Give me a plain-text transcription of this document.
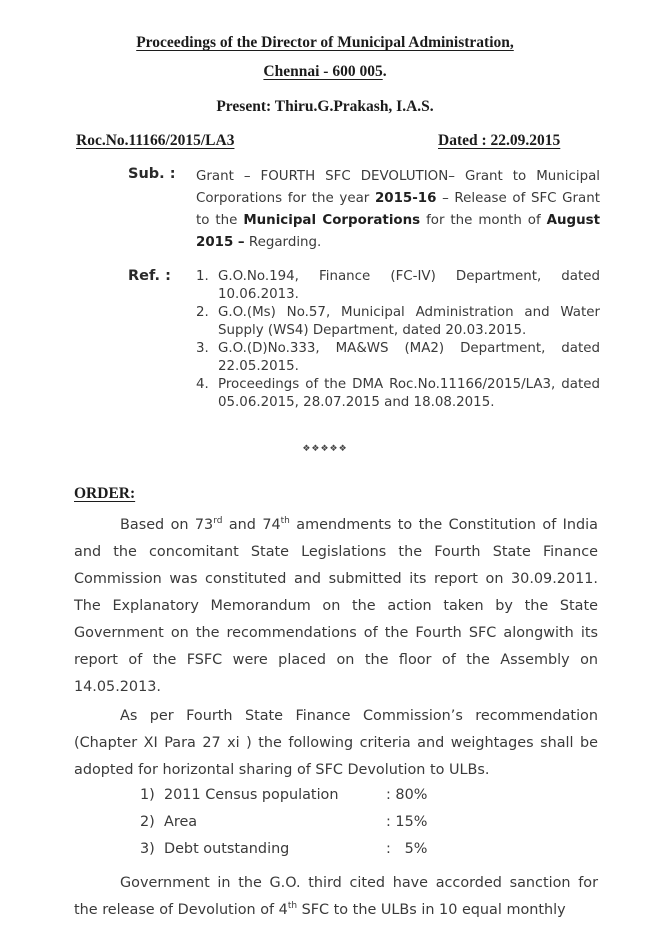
Proceedings of the Director of Municipal Administration,
Chennai - 600 005.
Present: Thiru.G.Prakash, I.A.S.
Roc.No.11166/2015/LA3	Dated : 22.09.2015
Sub. : Grant – FOURTH SFC DEVOLUTION– Grant to Municipal Corporations for the year 2015-16 – Release of SFC Grant to the Municipal Corporations for the month of August 2015 – Regarding.
Ref. : 1. G.O.No.194, Finance (FC-IV) Department, dated 10.06.2013.
2. G.O.(Ms) No.57, Municipal Administration and Water Supply (WS4) Department, dated 20.03.2015.
3. G.O.(D)No.333, MA&WS (MA2) Department, dated 22.05.2015.
4. Proceedings of the DMA Roc.No.11166/2015/LA3, dated 05.06.2015, 28.07.2015 and 18.08.2015.
❖❖❖❖❖
ORDER:
Based on 73rd and 74th amendments to the Constitution of India and the concomitant State Legislations the Fourth State Finance Commission was constituted and submitted its report on 30.09.2011. The Explanatory Memorandum on the action taken by the State Government on the recommendations of the Fourth SFC alongwith its report of the FSFC were placed on the floor of the Assembly on 14.05.2013.
As per Fourth State Finance Commission’s recommendation (Chapter XI Para 27 xi ) the following criteria and weightages shall be adopted for horizontal sharing of SFC Devolution to ULBs.
1) 2011 Census population	: 80%
2) Area	: 15%
3) Debt outstanding	:   5%
Government in the G.O. third cited have accorded sanction for the release of Devolution of 4th SFC to the ULBs in 10 equal monthly
